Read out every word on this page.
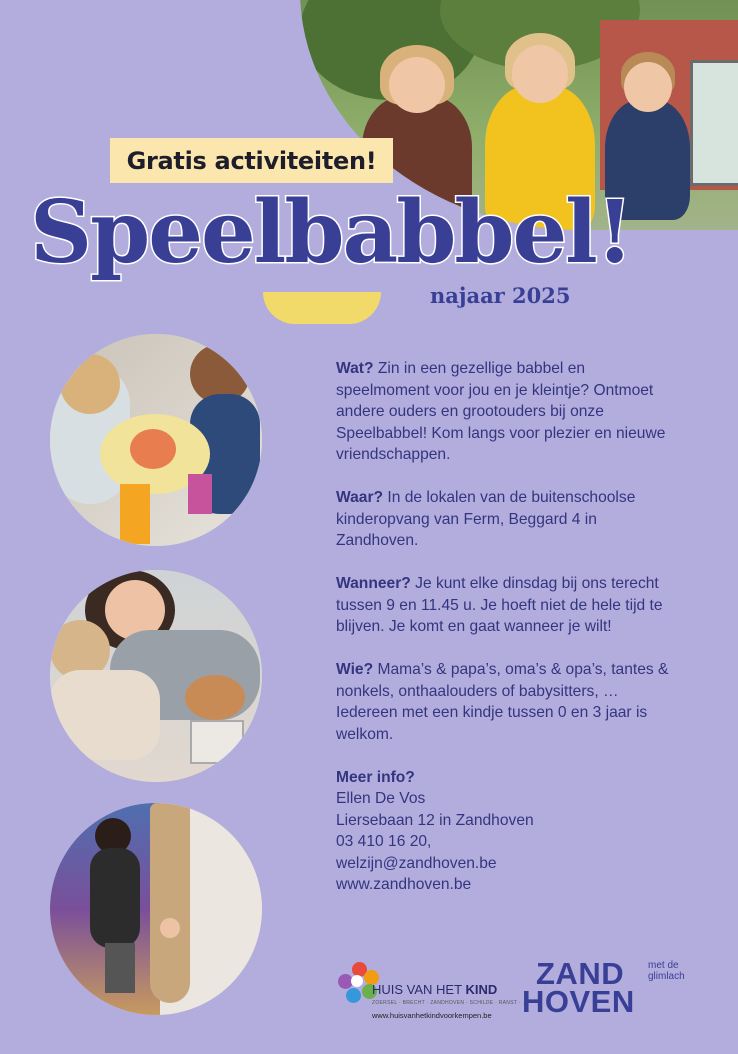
Gratis activiteiten!
Speelbabbel!
najaar 2025

Wat? Zin in een gezellige babbel en speelmoment voor jou en je kleintje? Ontmoet andere ouders en grootouders bij onze Speelbabbel! Kom langs voor plezier en nieuwe vriendschappen.

Waar? In de lokalen van de buitenschoolse kinderopvang van Ferm, Beggard 4 in Zandhoven.

Wanneer? Je kunt elke dinsdag bij ons terecht tussen 9 en 11.45 u. Je hoeft niet de hele tijd te blijven. Je komt en gaat wanneer je wilt!

Wie? Mama’s & papa’s, oma’s & opa’s, tantes & nonkels, onthaalouders of babysitters, … Iedereen met een kindje tussen 0 en 3 jaar is welkom.

Meer info?
Ellen De Vos
Liersebaan 12 in Zandhoven
03 410 16 20,
welzijn@zandhoven.be
www.zandhoven.be
HUIS VAN HET KIND
ZOERSEL · BRECHT · ZANDHOVEN · SCHILDE · RANST · ...
www.huisvanhetkindvoorkempen.be
ZAND
HOVEN
met de glimlach
